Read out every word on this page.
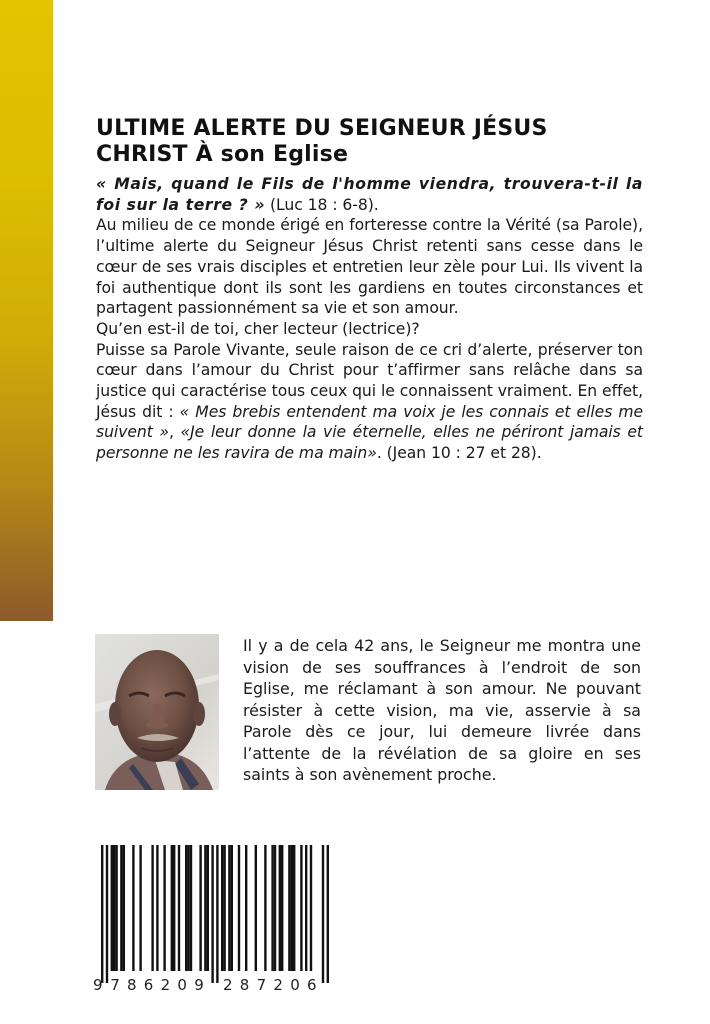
ULTIME ALERTE DU SEIGNEUR JÉSUS
CHRIST À son Eglise

« Mais, quand le Fils de l'homme viendra, trouvera-t-il la foi sur la terre ? » (Luc 18 : 6-8).

Au milieu de ce monde érigé en forteresse contre la Vérité (sa Parole), l’ultime alerte du Seigneur Jésus Christ retenti sans cesse dans le cœur de ses vrais disciples et entretien leur zèle pour Lui. Ils vivent la foi authentique dont ils sont les gardiens en toutes circonstances et partagent passionnément sa vie et son amour.

Qu’en est-il de toi, cher lecteur (lectrice)?

Puisse sa Parole Vivante, seule raison de ce cri d’alerte, préserver ton cœur dans l’amour du Christ pour t’affirmer sans relâche dans sa justice qui caractérise tous ceux qui le connaissent vraiment. En effet, Jésus dit : « Mes brebis entendent ma voix je les connais et elles me suivent », «Je leur donne la vie éternelle, elles ne périront jamais et personne ne les ravira de ma main». (Jean 10 : 27 et 28).

Il y a de cela 42 ans, le Seigneur me montra une vision de ses souffrances à l’endroit de son Eglise, me réclamant à son amour. Ne pouvant résister à cette vision, ma vie, asservie à sa Parole dès ce jour, lui demeure livrée dans l’attente de la révélation de sa gloire en ses saints à son avènement proche.

9 7 8 6 2 0 9 2 8 7 2 0 6
